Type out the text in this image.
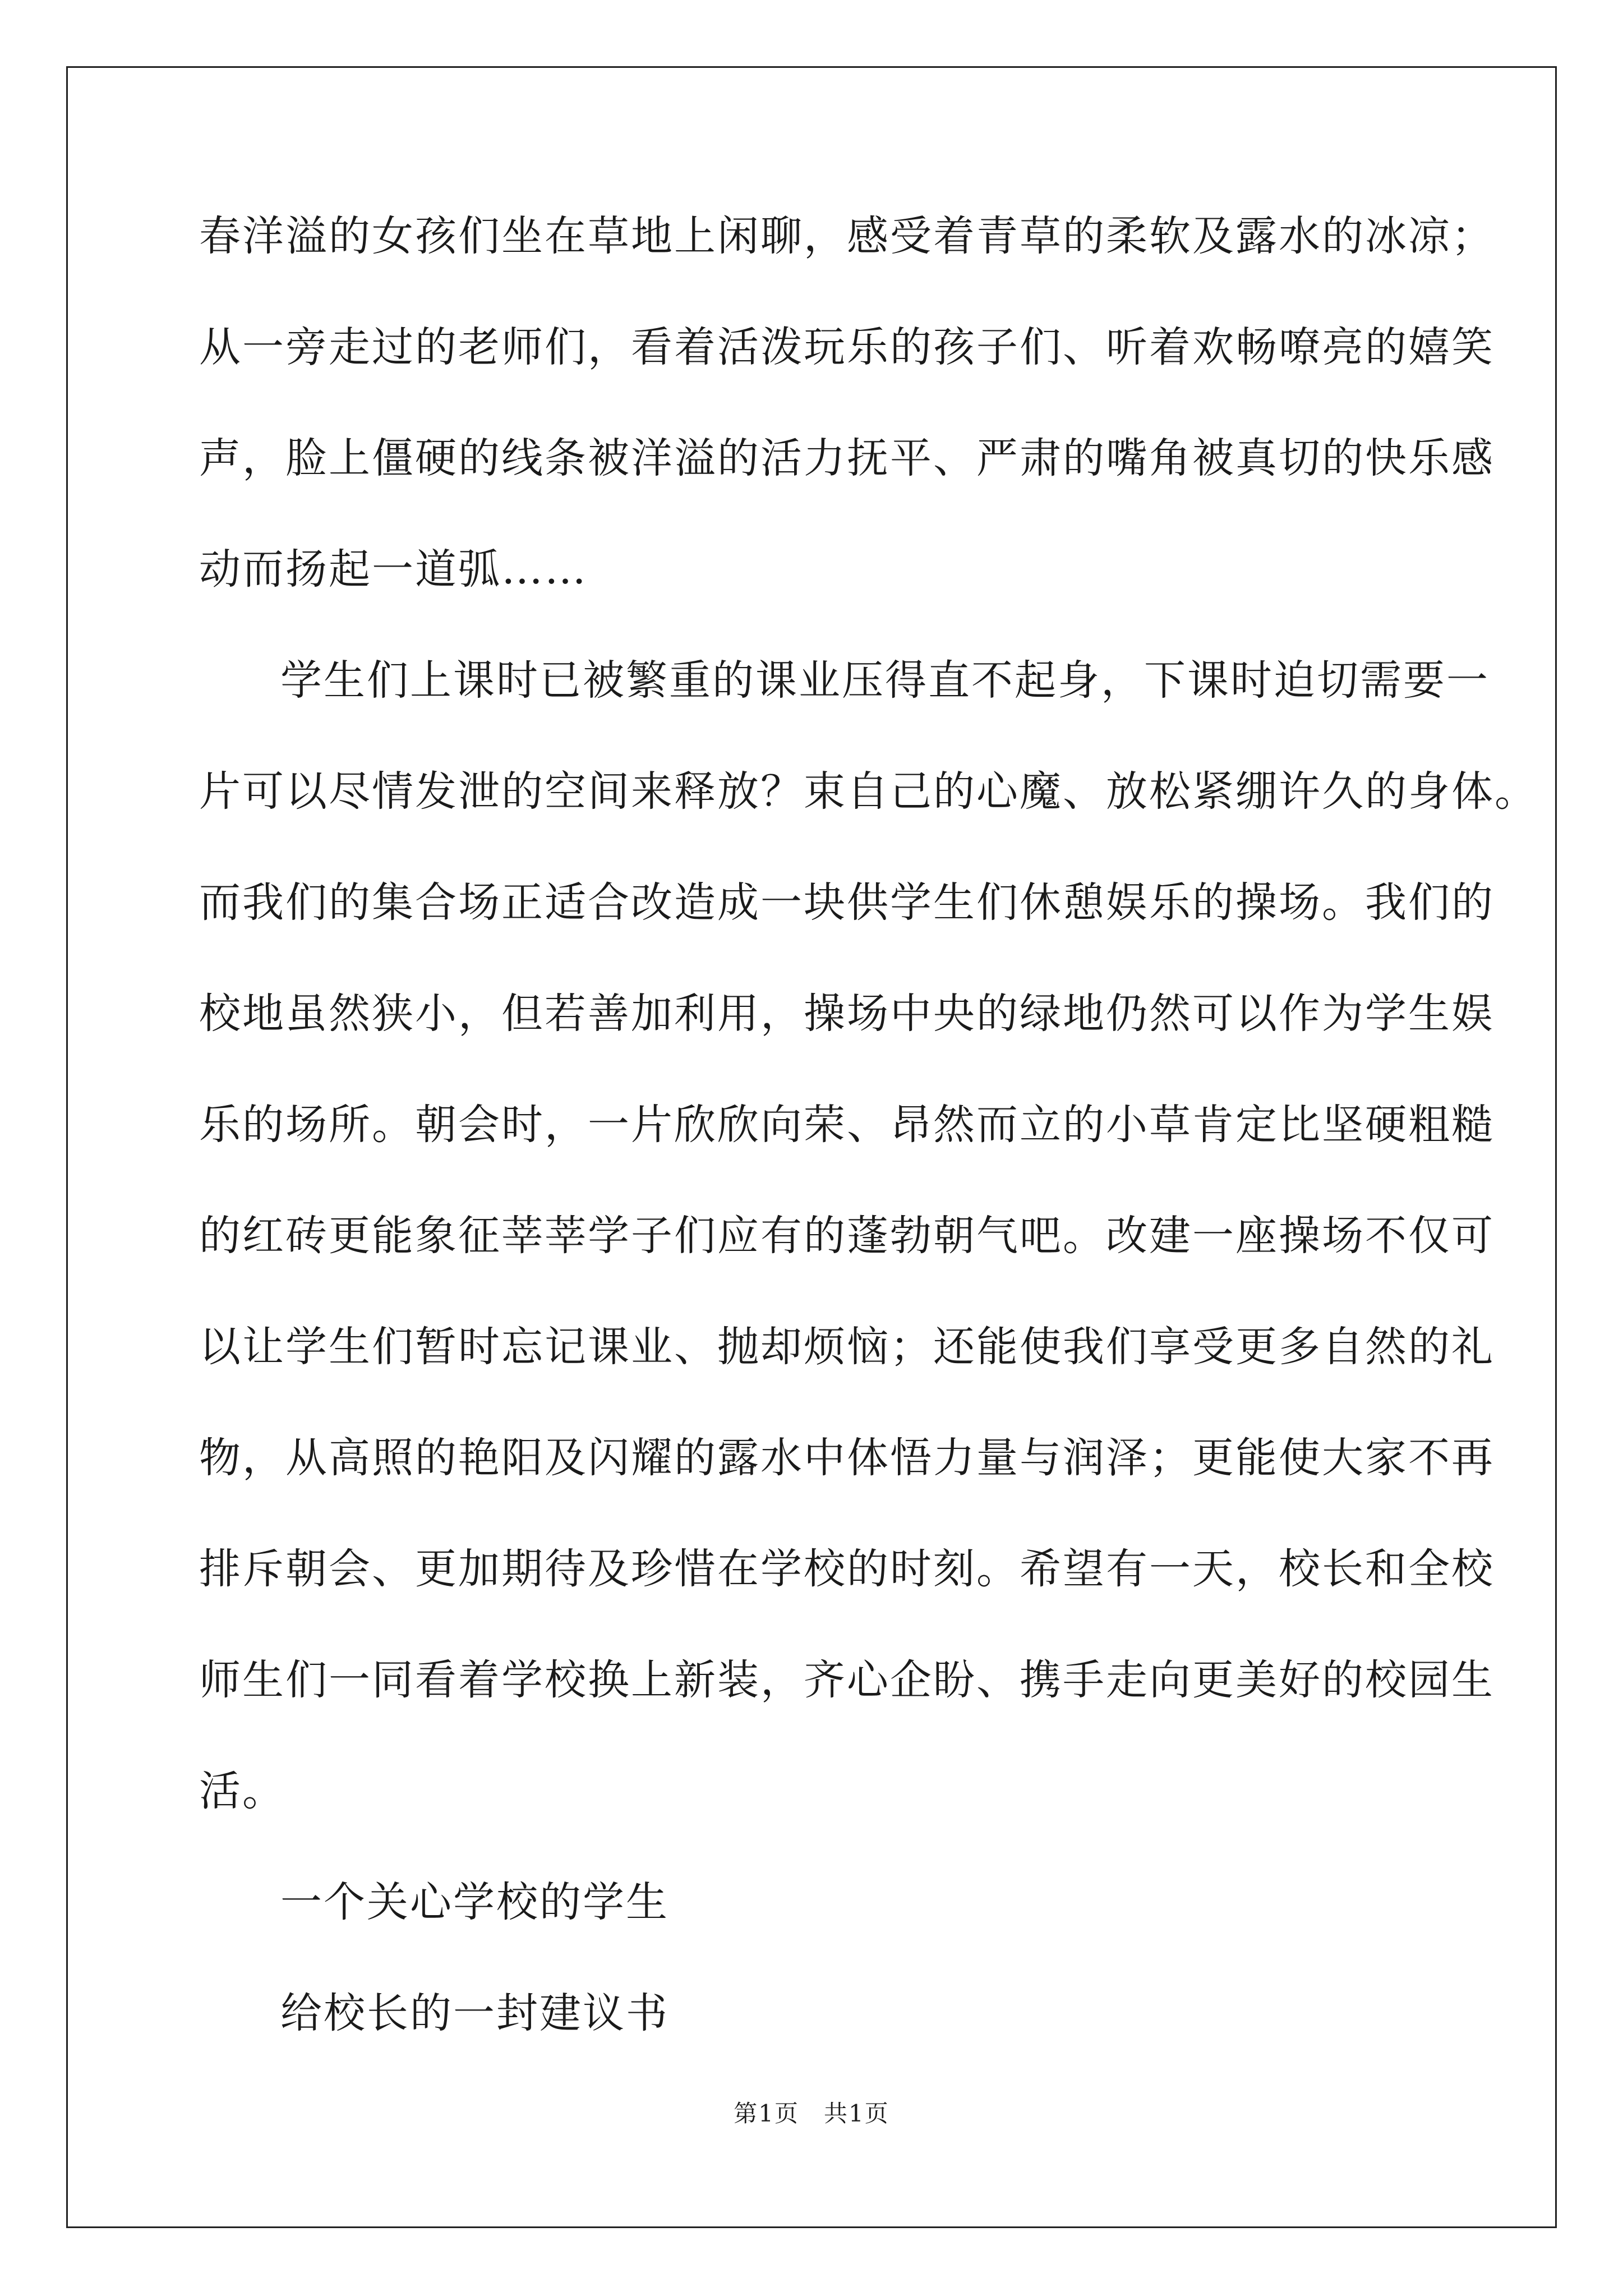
春洋溢的女孩们坐在草地上闲聊，感受着青草的柔软及露水的冰凉；
从一旁走过的老师们，看着活泼玩乐的孩子们、听着欢畅嘹亮的嬉笑
声，脸上僵硬的线条被洋溢的活力抚平、严肃的嘴角被真切的快乐感
动而扬起一道弧……
学生们上课时已被繁重的课业压得直不起身，下课时迫切需要一
片可以尽情发泄的空间来释放？束自己的心魔、放松紧绷许久的身体。
而我们的集合场正适合改造成一块供学生们休憩娱乐的操场。我们的
校地虽然狭小，但若善加利用，操场中央的绿地仍然可以作为学生娱
乐的场所。朝会时，一片欣欣向荣、昂然而立的小草肯定比坚硬粗糙
的红砖更能象征莘莘学子们应有的蓬勃朝气吧。改建一座操场不仅可
以让学生们暂时忘记课业、抛却烦恼；还能使我们享受更多自然的礼
物，从高照的艳阳及闪耀的露水中体悟力量与润泽；更能使大家不再
排斥朝会、更加期待及珍惜在学校的时刻。希望有一天，校长和全校
师生们一同看着学校换上新装，齐心企盼、携手走向更美好的校园生
活。
一个关心学校的学生
给校长的一封建议书
第1页　共1页
